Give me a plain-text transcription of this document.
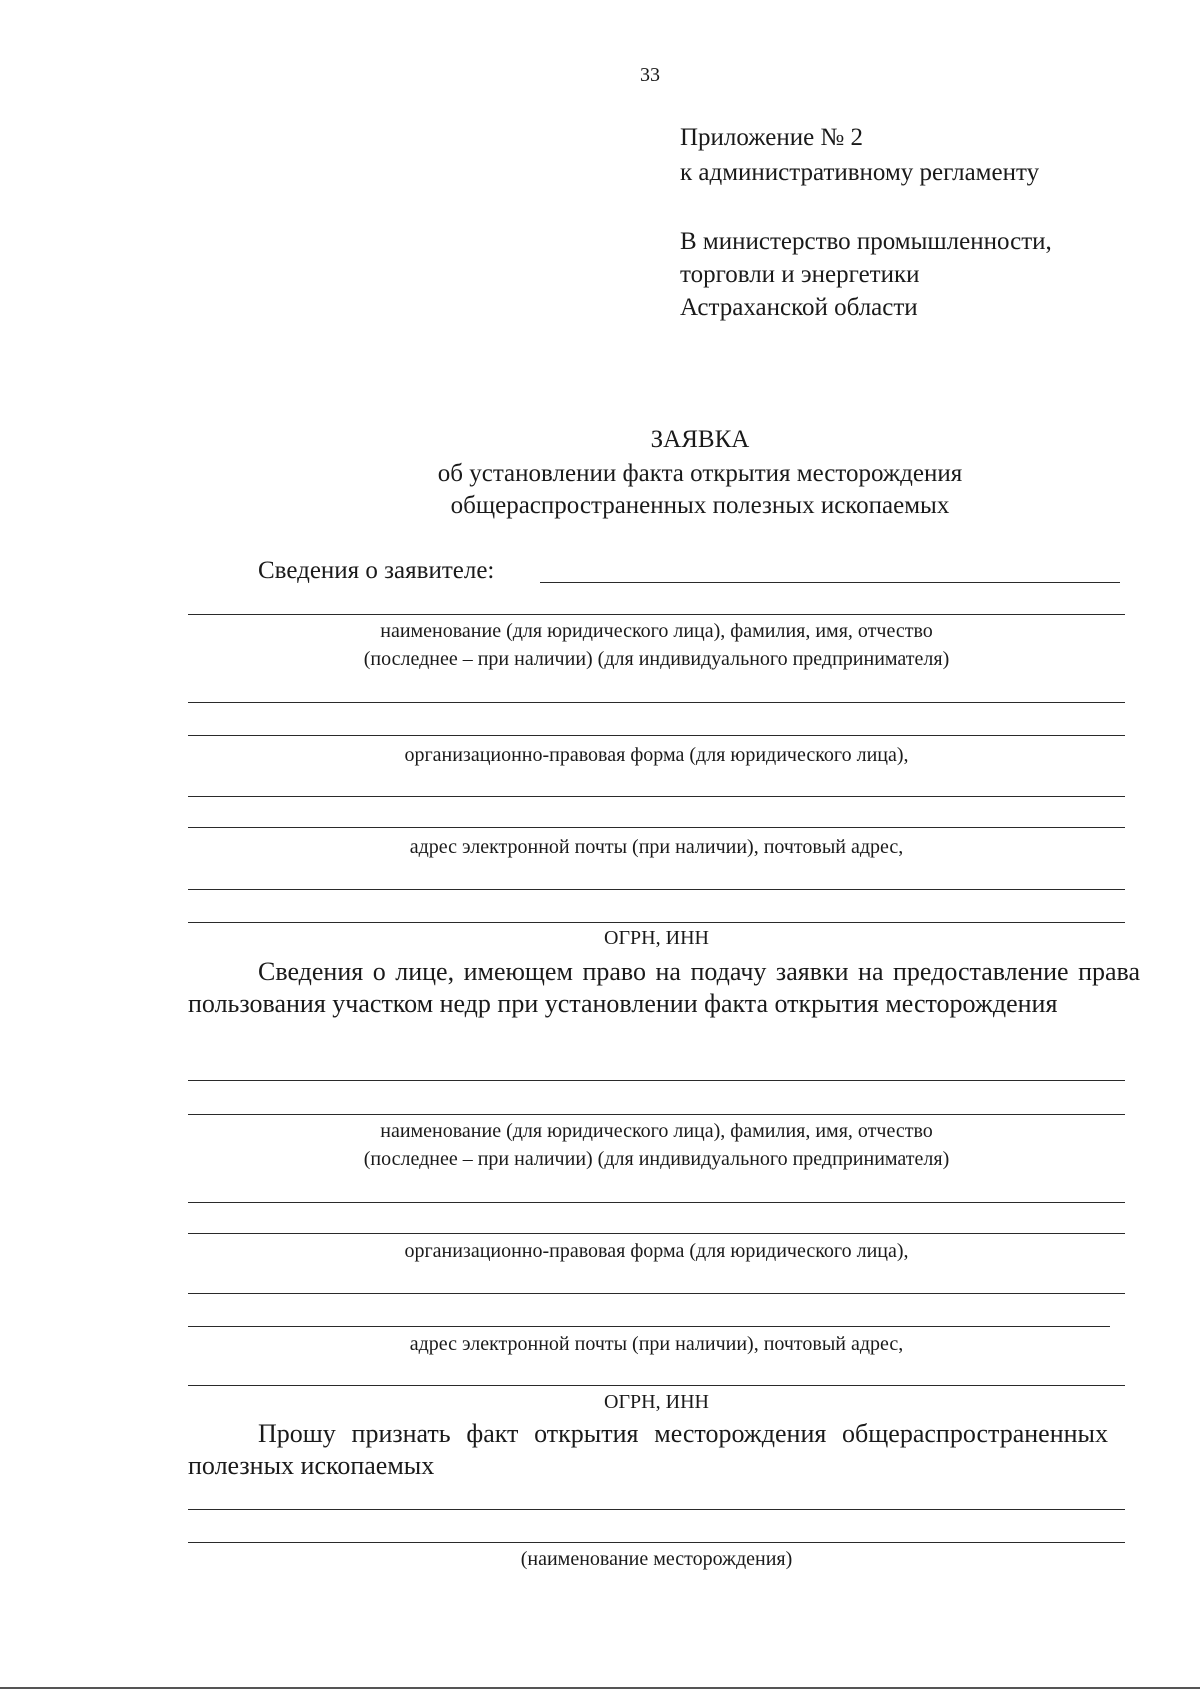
33
Приложение № 2
к административному регламенту
В министерство промышленности,
торговли и энергетики
Астраханской области
ЗАЯВКА
об установлении факта открытия месторождения
общераспространенных полезных ископаемых
Сведения о заявителе:
наименование (для юридического лица), фамилия, имя, отчество
(последнее – при наличии) (для индивидуального предпринимателя)
организационно-правовая форма (для юридического лица),
адрес электронной почты (при наличии), почтовый адрес,
ОГРН, ИНН
Сведения о лице, имеющем право на подачу заявки на предоставление права пользования участком недр при установлении факта открытия месторождения
наименование (для юридического лица), фамилия, имя, отчество
(последнее – при наличии) (для индивидуального предпринимателя)
организационно-правовая форма (для юридического лица),
адрес электронной почты (при наличии), почтовый адрес,
ОГРН, ИНН
Прошу признать факт открытия месторождения общераспространенных полезных ископаемых
(наименование месторождения)
